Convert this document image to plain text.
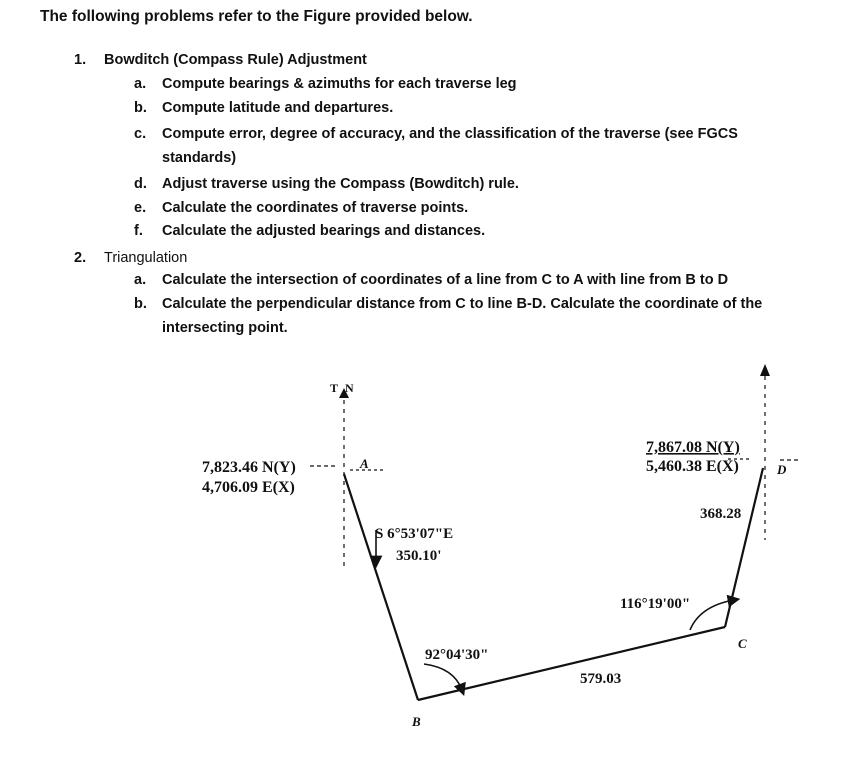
The following problems refer to the Figure provided below.
1. Bowditch (Compass Rule) Adjustment
a. Compute bearings & azimuths for each traverse leg
b. Compute latitude and departures.
c. Compute error, degree of accuracy, and the classification of the traverse (see FGCS
standards)
d. Adjust traverse using the Compass (Bowditch) rule.
e. Calculate the coordinates of traverse points.
f. Calculate the adjusted bearings and distances.
2. Triangulation
a. Calculate the intersection of coordinates of a line from C to A with line from B to D
b. Calculate the perpendicular distance from C to line B-D. Calculate the coordinate of the
intersecting point.
T N
7,823.46 N(Y)
4,706.09 E(X)
A
7,867.08 N(Y)
5,460.38 E(X)	D
S 6°53'07"E
350.10'
368.28
116°19'00"
C
92°04'30"
579.03
B
